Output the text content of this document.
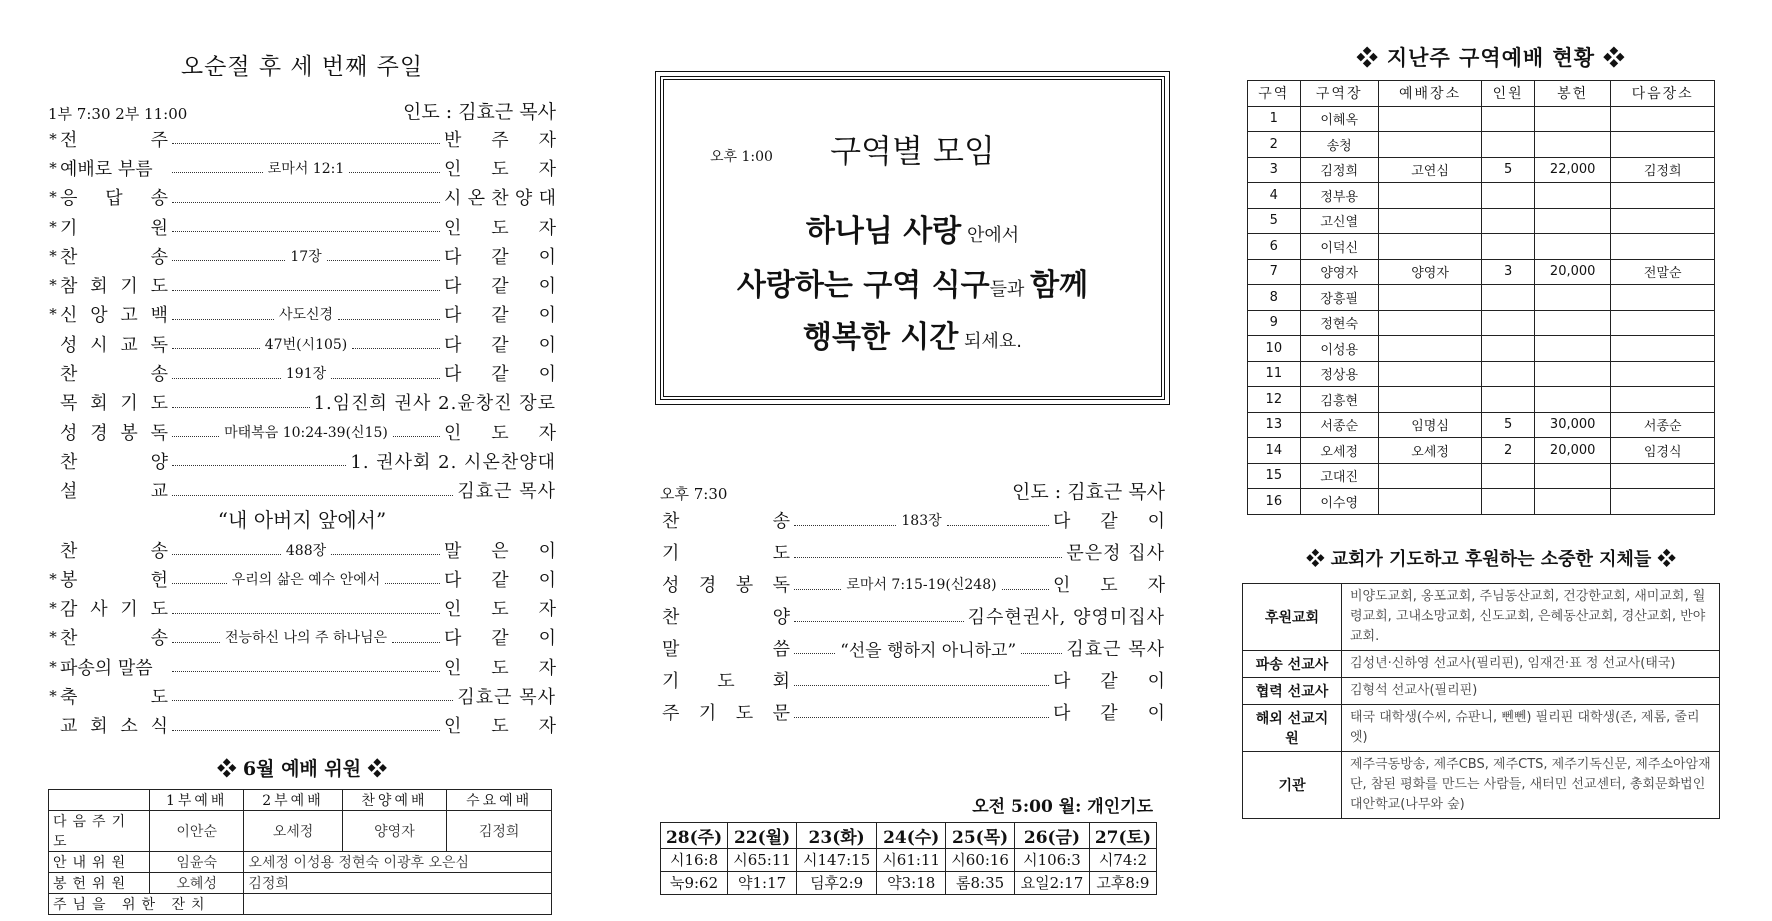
오순절 후 세 번째 주일
1부 7:30 2부 11:00	인도 : 김효근 목사
* 전	주	반 주 자
* 예배로 부름	로마서 12:1	인 도 자
* 응 답 송	시 온 찬 양 대
* 기	원	인 도 자
* 찬	송	17장	다 같 이
* 참 회 기 도	다 같 이
* 신 앙 고 백	사도신경	다 같 이
성 시 교 독	47번(시105)	다 같 이
찬	송	191장	다 같 이
목 회 기 도	1.임진희 권사 2.윤창진 장로
성 경 봉 독	마태복음 10:24-39(신15)	인 도 자
찬	양	1. 권사회 2. 시온찬양대
설	교	김효근 목사
“내 아버지 앞에서”
찬	송	488장	말 은 이
* 봉	헌	우리의 삶은 예수 안에서	다 같 이
* 감 사 기 도	인 도 자
* 찬	송	전능하신 나의 주 하나님은	다 같 이
* 파송의 말씀	인 도 자
* 축	도	김효근 목사
교 회 소 식	인 도 자
❖ 6월 예배 위원 ❖
	1부예배	2부예배	찬양예배	수요예배
다음주기도	이안순	오세정	양영자	김정희
안내위원	임윤숙	오세정 이성용 정현숙 이광후 오은심		
봉헌위원	오혜성	김정희		
주님을 위한 잔치				
오후 1:00	구역별 모임
하나님 사랑 안에서
사랑하는 구역 식구들과 함께
행복한 시간 되세요.
오후 7:30	인도 : 김효근 목사
찬	송	183장	다 같 이
기	도	문은정 집사
성 경 봉 독	로마서 7:15-19(신248)	인 도 자
찬	양	김수현권사, 양영미집사
말	씀	“선을 행하지 아니하고”	김효근 목사
기 도 회	다 같 이
주 기 도 문	다 같 이
오전 5:00 월: 개인기도
28(주)	22(월)	23(화)	24(수)	25(목)	26(금)	27(토)
시16:8	시65:11	시147:15	시61:11	시60:16	시106:3	시74:2
눅9:62	약1:17	딤후2:9	약3:18	롬8:35	요일2:17	고후8:9
❖ 지난주 구역예배 현황 ❖
구역	구역장	예배장소	인원	봉헌	다음장소
1	이혜옥				
2	송청				
3	김정희	고연심	5	22,000	김정희
4	정부용				
5	고신열				
6	이덕신				
7	양영자	양영자	3	20,000	전말순
8	장흥필				
9	정현숙				
10	이성용				
11	정상용				
12	김흥현				
13	서종순	임명심	5	30,000	서종순
14	오세정	오세정	2	20,000	임경식
15	고대진				
16	이수영				
❖ 교회가 기도하고 후원하는 소중한 지체들 ❖
후원교회	비양도교회, 옹포교회, 주님동산교회, 건강한교회, 새미교회, 월령교회, 고내소망교회, 신도교회, 은혜동산교회, 경산교회, 반야교회.
파송 선교사	김성년·신하영 선교사(필리핀), 임재건·표 정 선교사(태국)
협력 선교사	김형석 선교사(필리핀)
해외 선교지원	태국 대학생(수씨, 슈판니, 뻰뻰) 필리핀 대학생(존, 제롬, 줄리엣)
기관	제주극동방송, 제주CBS, 제주CTS, 제주기독신문, 제주소아암재단, 참된 평화를 만드는 사람들, 새터민 선교센터, 총회문화법인 대안학교(나무와 숲)
